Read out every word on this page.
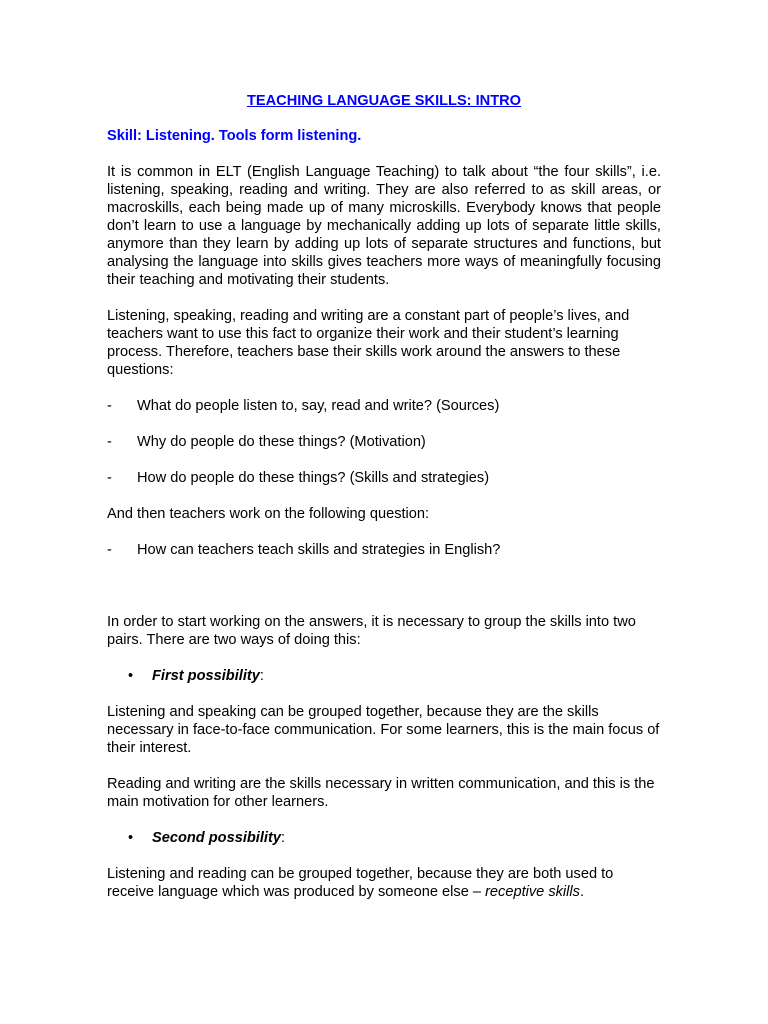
TEACHING LANGUAGE SKILLS: INTRO
Skill: Listening. Tools form listening.

It is common in ELT (English Language Teaching) to talk about “the four skills”, i.e. listening, speaking, reading and writing. They are also referred to as skill areas, or macroskills, each being made up of many microskills. Everybody knows that people don’t learn to use a language by mechanically adding up lots of separate little skills, anymore than they learn by adding up lots of separate structures and functions, but analysing the language into skills gives teachers more ways of meaningfully focusing their teaching and motivating their students.

Listening, speaking, reading and writing are a constant part of people’s lives, and teachers want to use this fact to organize their work and their student’s learning process. Therefore, teachers base their skills work around the answers to these questions:

-	What do people listen to, say, read and write? (Sources)
-	Why do people do these things? (Motivation)
-	How do people do these things? (Skills and strategies)

And then teachers work on the following question:

-	How can teachers teach skills and strategies in English?

In order to start working on the answers, it is necessary to group the skills into two pairs. There are two ways of doing this:

•	First possibility:

Listening and speaking can be grouped together, because they are the skills necessary in face-to-face communication. For some learners, this is the main focus of their interest.

Reading and writing are the skills necessary in written communication, and this is the main motivation for other learners.

•	Second possibility:

Listening and reading can be grouped together, because they are both used to receive language which was produced by someone else – receptive skills.
